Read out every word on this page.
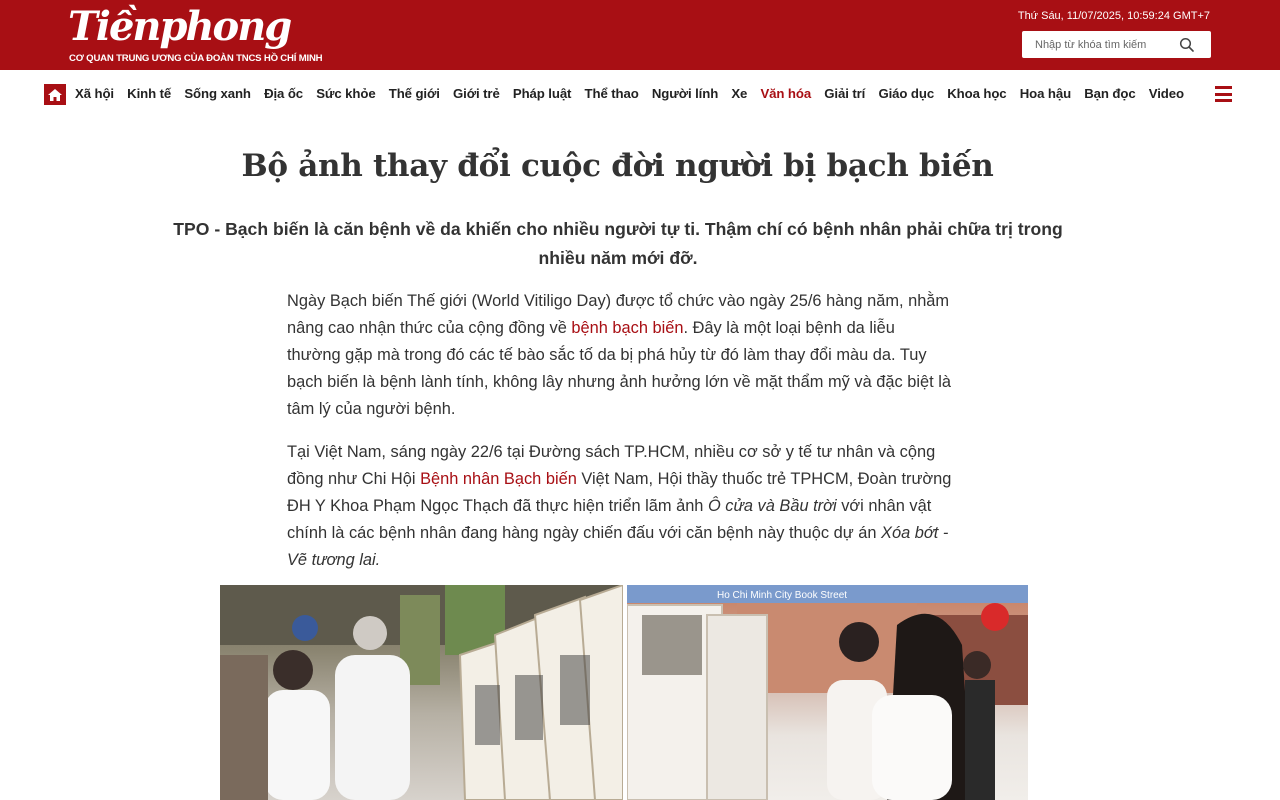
Tiềnphong
CƠ QUAN TRUNG ƯƠNG CỦA ĐOÀN TNCS HỒ CHÍ MINH
Thứ Sáu, 11/07/2025, 10:59:24 GMT+7
Nhập từ khóa tìm kiếm
Xã hội Kinh tế Sống xanh Địa ốc Sức khỏe Thế giới Giới trẻ Pháp luật Thể thao Người lính Xe Văn hóa Giải trí Giáo dục Khoa học Hoa hậu Bạn đọc Video
Bộ ảnh thay đổi cuộc đời người bị bạch biến

TPO - Bạch biến là căn bệnh về da khiến cho nhiều người tự ti. Thậm chí có bệnh nhân phải chữa trị trong nhiều năm mới đỡ.

Ngày Bạch biến Thế giới (World Vitiligo Day) được tổ chức vào ngày 25/6 hàng năm, nhằm nâng cao nhận thức của cộng đồng về bệnh bạch biến. Đây là một loại bệnh da liễu thường gặp mà trong đó các tế bào sắc tố da bị phá hủy từ đó làm thay đổi màu da. Tuy bạch biến là bệnh lành tính, không lây nhưng ảnh hưởng lớn về mặt thẩm mỹ và đặc biệt là tâm lý của người bệnh.

Tại Việt Nam, sáng ngày 22/6 tại Đường sách TP.HCM, nhiều cơ sở y tế tư nhân và cộng đồng như Chi Hội Bệnh nhân Bạch biến Việt Nam, Hội thầy thuốc trẻ TPHCM, Đoàn trường ĐH Y Khoa Phạm Ngọc Thạch đã thực hiện triển lãm ảnh Ô cửa và Bầu trời với nhân vật chính là các bệnh nhân đang hàng ngày chiến đấu với căn bệnh này thuộc dự án Xóa bớt - Vẽ tương lai.

Ho Chi Minh City Book Street
